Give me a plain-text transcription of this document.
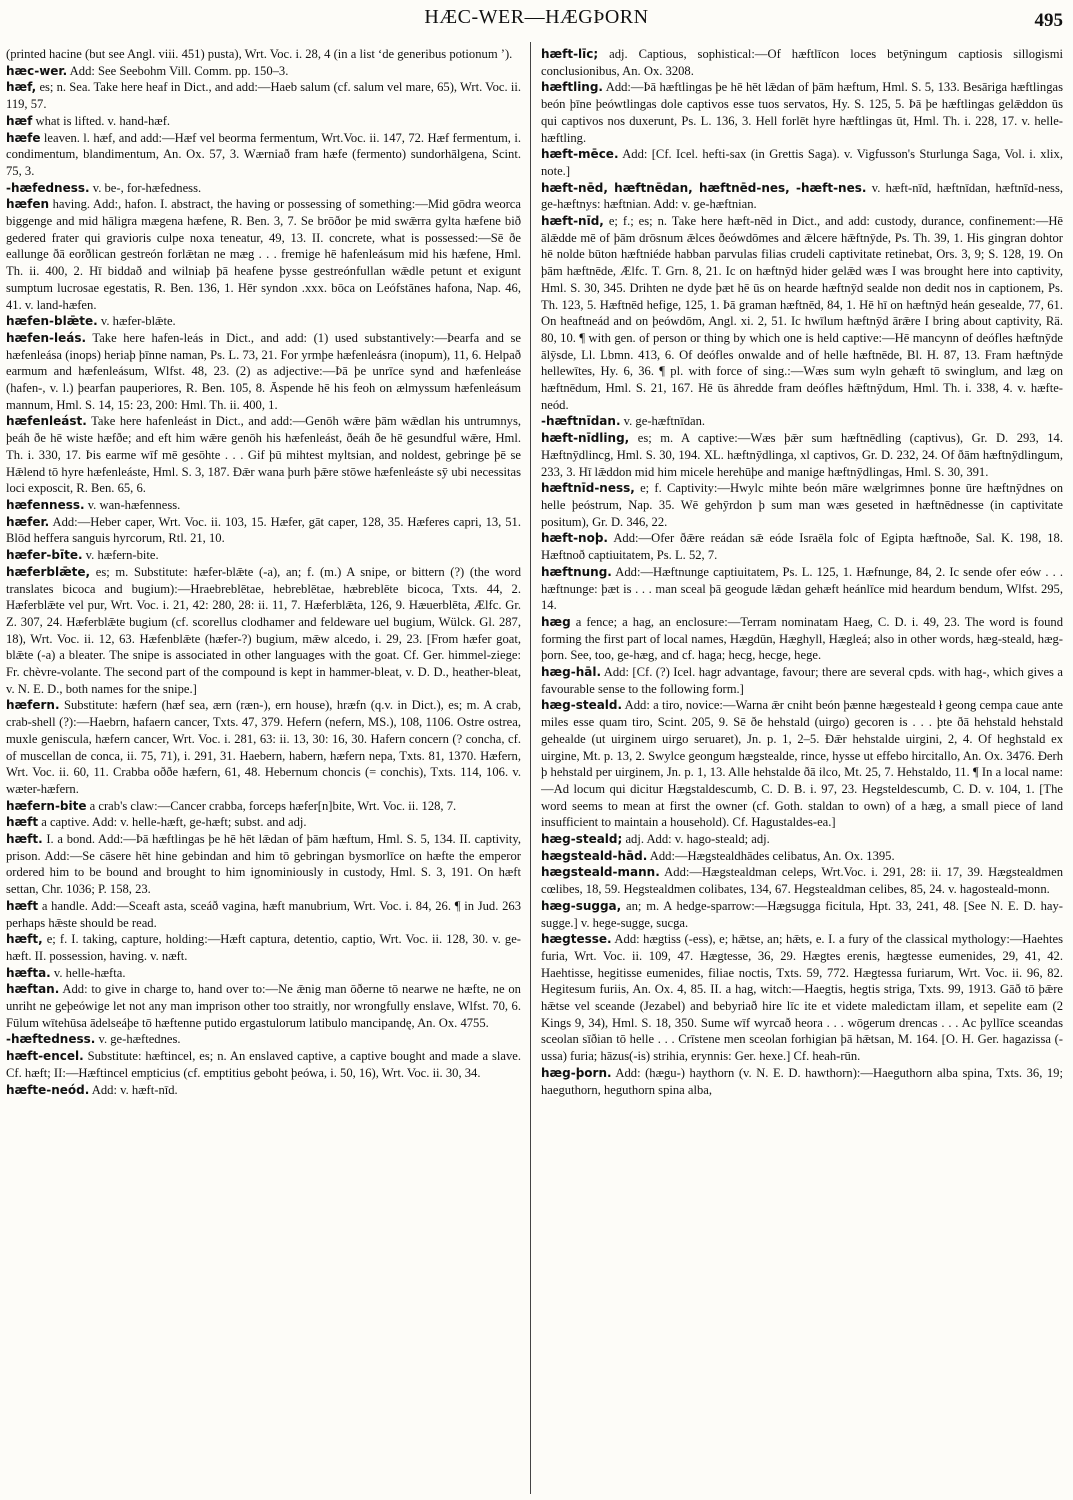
HÆC-WER—HÆGÞORN	495

(printed hacine (but see Angl. viii. 451) pusta), Wrt. Voc. i. 28, 4 (in a list ‘de generibus potionum ’).

hæc-wer. Add: See Seebohm Vill. Comm. pp. 150–3.

hæf, es; n. Sea. Take here heaf in Dict., and add:—Haeb salum (cf. salum vel mare, 65), Wrt. Voc. ii. 119, 57.

hæf what is lifted. v. hand-hæf.

hæfe leaven. l. hæf, and add:—Hæf vel beorma fermentum, Wrt.Voc. ii. 147, 72. Hæf fermentum, i. condimentum, blandimentum, An. Ox. 57, 3. Wærniað fram hæfe (fermento) sundorhālgena, Scint. 75, 3.

-hæfedness. v. be-, for-hæfedness.

hæfen having. Add:, hafon. I. abstract, the having or possessing of something:—Mid gōdra weorca biggenge and mid hāligra mægena hæfene, R. Ben. 3, 7. Se brōðor þe mid swǣrra gylta hæfene bið gedered frater qui gravioris culpe noxa teneatur, 49, 13. II. concrete, what is possessed:—Sē ðe eallunge ðā eorðlican gestreón forlǣtan ne mæg . . . fremige hē hafenleásum mid his hæfene, Hml. Th. ii. 400, 2. Hī biddað and wilniaþ þā heafene þysse gestreónfullan wǣdle petunt et exigunt sumptum lucrosae egestatis, R. Ben. 136, 1. Hēr syndon .xxx. bōca on Leófstānes hafona, Nap. 46, 41. v. land-hæfen.

hæfen-blǣte. v. hæfer-blǣte.

hæfen-leás. Take here hafen-leás in Dict., and add: (1) used substantively:—Þearfa and se hæfenleása (inops) heriaþ þīnne naman, Ps. L. 73, 21. For yrmþe hæfenleásra (inopum), 11, 6. Helpað earmum and hæfenleásum, Wlfst. 48, 23. (2) as adjective:—Þā þe unrīce synd and hæfenleáse (hafen-, v. l.) þearfan pauperiores, R. Ben. 105, 8. Āspende hē his feoh on ælmyssum hæfenleásum mannum, Hml. S. 14, 15: 23, 200: Hml. Th. ii. 400, 1.

hæfenleást. Take here hafenleást in Dict., and add:—Genōh wǣre þām wǣdlan his untrumnys, þeáh ðe hē wiste hæfðe; and eft him wǣre genōh his hæfenleást, ðeáh ðe hē gesundful wǣre, Hml. Th. i. 330, 17. Þis earme wīf mē gesōhte . . . Gif þū mihtest myltsian, and noldest, gebringe þē se Hǣlend tō hyre hæfenleáste, Hml. S. 3, 187. Ðǣr wana þurh þǣre stōwe hæfenleáste sȳ ubi necessitas loci exposcit, R. Ben. 65, 6.

hæfenness. v. wan-hæfenness.

hæfer. Add:—Heber caper, Wrt. Voc. ii. 103, 15. Hæfer, gāt caper, 128, 35. Hæferes capri, 13, 51. Blōd heffera sanguis hyrcorum, Rtl. 21, 10.

hæfer-bīte. v. hæfern-bite.

hæferblǣte, es; m. Substitute: hæfer-blǣte (-a), an; f. (m.) A snipe, or bittern (?) (the word translates bicoca and bugium):—Hraebreblētae, hebreblētae, hæbreblēte bicoca, Txts. 44, 2. Hæferblǣte vel pur, Wrt. Voc. i. 21, 42: 280, 28: ii. 11, 7. Hæferblǣta, 126, 9. Hæuerblēta, Ælfc. Gr. Z. 307, 24. Hæferblǣte bugium (cf. scorellus clodhamer and feldeware uel bugium, Wülck. Gl. 287, 18), Wrt. Voc. ii. 12, 63. Hæfenblǣte (hæfer-?) bugium, mǣw alcedo, i. 29, 23. [From hæfer goat, blǣte (-a) a bleater. The snipe is associated in other languages with the goat. Cf. Ger. himmel-ziege: Fr. chèvre-volante. The second part of the compound is kept in hammer-bleat, v. D. D., heather-bleat, v. N. E. D., both names for the snipe.]

hæfern. Substitute: hæfern (hæf sea, ærn (ræn-), ern house), hræfn (q.v. in Dict.), es; m. A crab, crab-shell (?):—Haebrn, hafaern cancer, Txts. 47, 379. Hefern (nefern, MS.), 108, 1106. Ostre ostrea, muxle geniscula, hæfern cancer, Wrt. Voc. i. 281, 63: ii. 13, 30: 16, 30. Hafern concern (? concha, cf. of muscellan de conca, ii. 75, 71), i. 291, 31. Haebern, habern, hæfern nepa, Txts. 81, 1370. Hæfern, Wrt. Voc. ii. 60, 11. Crabba oððe hæfern, 61, 48. Hebernum choncis (= conchis), Txts. 114, 106. v. wæter-hæfern.

hæfern-bite a crab's claw:—Cancer crabba, forceps hæfer[n]bite, Wrt. Voc. ii. 128, 7.

hæft a captive. Add: v. helle-hæft, ge-hæft; subst. and adj.

hæft. I. a bond. Add:—Þā hæftlingas þe hē hēt lǣdan of þām hæftum, Hml. S. 5, 134. II. captivity, prison. Add:—Se cāsere hēt hine gebindan and him tō gebringan bysmorlīce on hæfte the emperor ordered him to be bound and brought to him ignominiously in custody, Hml. S. 3, 191. On hæft settan, Chr. 1036; P. 158, 23.

hæft a handle. Add:—Sceaft asta, sceáð vagina, hæft manubrium, Wrt. Voc. i. 84, 26. ¶ in Jud. 263 perhaps hǣste should be read.

hæft, e; f. I. taking, capture, holding:—Hæft captura, detentio, captio, Wrt. Voc. ii. 128, 30. v. ge-hæft. II. possession, having. v. næft.

hæfta. v. helle-hæfta.

hæftan. Add: to give in charge to, hand over to:—Ne ǣnig man ōðerne tō nearwe ne hæfte, ne on unriht ne geþeówige let not any man imprison other too straitly, nor wrongfully enslave, Wlfst. 70, 6. Fūlum wītehūsa ādelseáþe tō hæftenne putido ergastulorum latibulo mancipandę, An. Ox. 4755.

-hæftedness. v. ge-hæftednes.

hæft-encel. Substitute: hæftincel, es; n. An enslaved captive, a captive bought and made a slave. Cf. hæft; II:—Hæftincel empticius (cf. emptitius geboht þeówa, i. 50, 16), Wrt. Voc. ii. 30, 34.

hæfte-neód. Add: v. hæft-nīd.

hæft-līc; adj. Captious, sophistical:—Of hæftlīcon loces betȳningum captiosis sillogismi conclusionibus, An. Ox. 3208.

hæftling. Add:—Þā hæftlingas þe hē hēt lǣdan of þām hæftum, Hml. S. 5, 133. Besāriga hæftlingas beón þīne þeówtlingas dole captivos esse tuos servatos, Hy. S. 125, 5. Þā þe hæftlingas gelǣddon ūs qui captivos nos duxerunt, Ps. L. 136, 3. Hell forlēt hyre hæftlingas ūt, Hml. Th. i. 228, 17. v. helle-hæftling.

hæft-mēce. Add: [Cf. Icel. hefti-sax (in Grettis Saga). v. Vigfusson's Sturlunga Saga, Vol. i. xlix, note.]

hæft-nēd, hæftnēdan, hæftnēd-nes, -hæft-nes. v. hæft-nīd, hæftnīdan, hæftnīd-ness, ge-hæftnys: hæftnian. Add: v. ge-hæftnian.

hæft-nīd, e; f.; es; n. Take here hæft-nēd in Dict., and add: custody, durance, confinement:—Hē ālǣdde mē of þām drōsnum ǣlces ðeówdōmes and ǣlcere hǣftnȳde, Ps. Th. 39, 1. His gingran dohtor hē nolde būton hæftniéde habban parvulas filias crudeli captivitate retinebat, Ors. 3, 9; S. 128, 19. On þām hæftnēde, Ælfc. T. Grn. 8, 21. Ic on hæftnȳd hider gelǣd wæs I was brought here into captivity, Hml. S. 30, 345. Drihten ne dyde þæt hē ūs on hearde hæftnȳd sealde non dedit nos in captionem, Ps. Th. 123, 5. Hæftnēd hefige, 125, 1. Þā graman hæftnēd, 84, 1. Hē hī on hæftnȳd heán gesealde, 77, 61. On heaftneád and on þeówdōm, Angl. xi. 2, 51. Ic hwīlum hæftnȳd ārǣre I bring about captivity, Rä. 80, 10. ¶ with gen. of person or thing by which one is held captive:—Hē mancynn of deófles hæftnȳde ālȳsde, Ll. Lbmn. 413, 6. Of deófles onwalde and of helle hæftnēde, Bl. H. 87, 13. Fram hæftnȳde hellewītes, Hy. 6, 36. ¶ pl. with force of sing.:—Wæs sum wyln gehæft tō swinglum, and læg on hæftnēdum, Hml. S. 21, 167. Hē ūs āhredde fram deófles hǣftnȳdum, Hml. Th. i. 338, 4. v. hæfte-neód.

-hæftnīdan. v. ge-hæftnīdan.

hæft-nīdling, es; m. A captive:—Wæs þǣr sum hæftnēdling (captivus), Gr. D. 293, 14. Hæftnȳdlincg, Hml. S. 30, 194. XL. hæftnȳdlinga, xl captivos, Gr. D. 232, 24. Of ðām hæftnȳdlingum, 233, 3. Hī lǣddon mid him micele herehūþe and manige hæftnȳdlingas, Hml. S. 30, 391.

hæftnīd-ness, e; f. Captivity:—Hwylc mihte beón māre wælgrimnes þonne ūre hæftnȳdnes on helle þeóstrum, Nap. 35. Wē gehȳrdon þ sum man wæs geseted in hæftnēdnesse (in captivitate positum), Gr. D. 346, 22.

hæft-noþ. Add:—Ofer ðǣre reádan sǣ eóde Israēla folc of Egipta hæftnoðe, Sal. K. 198, 18. Hæftnoð captiuitatem, Ps. L. 52, 7.

hæftnung. Add:—Hæftnunge captiuitatem, Ps. L. 125, 1. Hæfnunge, 84, 2. Ic sende ofer eów . . . hæftnunge: þæt is . . . man sceal þā geogude lǣdan gehæft heánlīce mid heardum bendum, Wlfst. 295, 14.

hæg a fence; a hag, an enclosure:—Terram nominatam Haeg, C. D. i. 49, 23. The word is found forming the first part of local names, Hægdūn, Hæghyll, Hægleá; also in other words, hæg-steald, hæg-þorn. See, too, ge-hæg, and cf. haga; hecg, hecge, hege.

hæg-hāl. Add: [Cf. (?) Icel. hagr advantage, favour; there are several cpds. with hag-, which gives a favourable sense to the following form.]

hæg-steald. Add: a tiro, novice:—Warna ǣr cniht beón þænne hægesteald ł geong cempa caue ante miles esse quam tiro, Scint. 205, 9. Sē ðe hehstald (uirgo) gecoren is . . . þte ðā hehstald hehstald gehealde (ut uirginem uirgo seruaret), Jn. p. 1, 2–5. Ðǣr hehstalde uirgini, 2, 4. Of heghstald ex uirgine, Mt. p. 13, 2. Swylce geongum hægstealde, rince, hysse ut effebo hircitallo, An. Ox. 3476. Ðerh þ hehstald per uirginem, Jn. p. 1, 13. Alle hehstalde ðā ilco, Mt. 25, 7. Hehstaldo, 11. ¶ In a local name:—Ad locum qui dicitur Hægstaldescumb, C. D. B. i. 97, 23. Hegsteldescumb, C. D. v. 104, 1. [The word seems to mean at first the owner (cf. Goth. staldan to own) of a hæg, a small piece of land insufficient to maintain a household). Cf. Hagustaldes-ea.]

hæg-steald; adj. Add: v. hago-steald; adj.

hægsteald-hād. Add:—Hægstealdhādes celibatus, An. Ox. 1395.

hægsteald-mann. Add:—Hægstealdman celeps, Wrt.Voc. i. 291, 28: ii. 17, 39. Hægstealdmen cœlibes, 18, 59. Hegstealdmen colibates, 134, 67. Hegstealdman celibes, 85, 24. v. hagosteald-monn.

hæg-sugga, an; m. A hedge-sparrow:—Hægsugga ficitula, Hpt. 33, 241, 48. [See N. E. D. hay-sugge.] v. hege-sugge, sucga.

hægtesse. Add: hægtiss (-ess), e; hǣtse, an; hǣts, e. I. a fury of the classical mythology:—Haehtes furia, Wrt. Voc. ii. 109, 47. Hægtesse, 36, 29. Hægtes erenis, hægtesse eumenides, 29, 41, 42. Haehtisse, hegitisse eumenides, filiae noctis, Txts. 59, 772. Hægtessa furiarum, Wrt. Voc. ii. 96, 82. Hegitesum furiis, An. Ox. 4, 85. II. a hag, witch:—Haegtis, hegtis striga, Txts. 99, 1913. Gāð tō þǣre hǣtse vel sceande (Jezabel) and bebyriað hire līc ite et videte maledictam illam, et sepelite eam (2 Kings 9, 34), Hml. S. 18, 350. Sume wīf wyrcað heora . . . wōgerum drencas . . . Ac þyllīce sceandas sceolan sīðian tō helle . . . Crīstene men sceolan forhigian þā hǣtsan, M. 164. [O. H. Ger. hagazissa (-ussa) furia; hāzus(-is) strihia, erynnis: Ger. hexe.] Cf. heah-rūn.

hæg-þorn. Add: (hægu-) haythorn (v. N. E. D. hawthorn):—Haeguthorn alba spina, Txts. 36, 19; haeguthorn, heguthorn spina alba,
